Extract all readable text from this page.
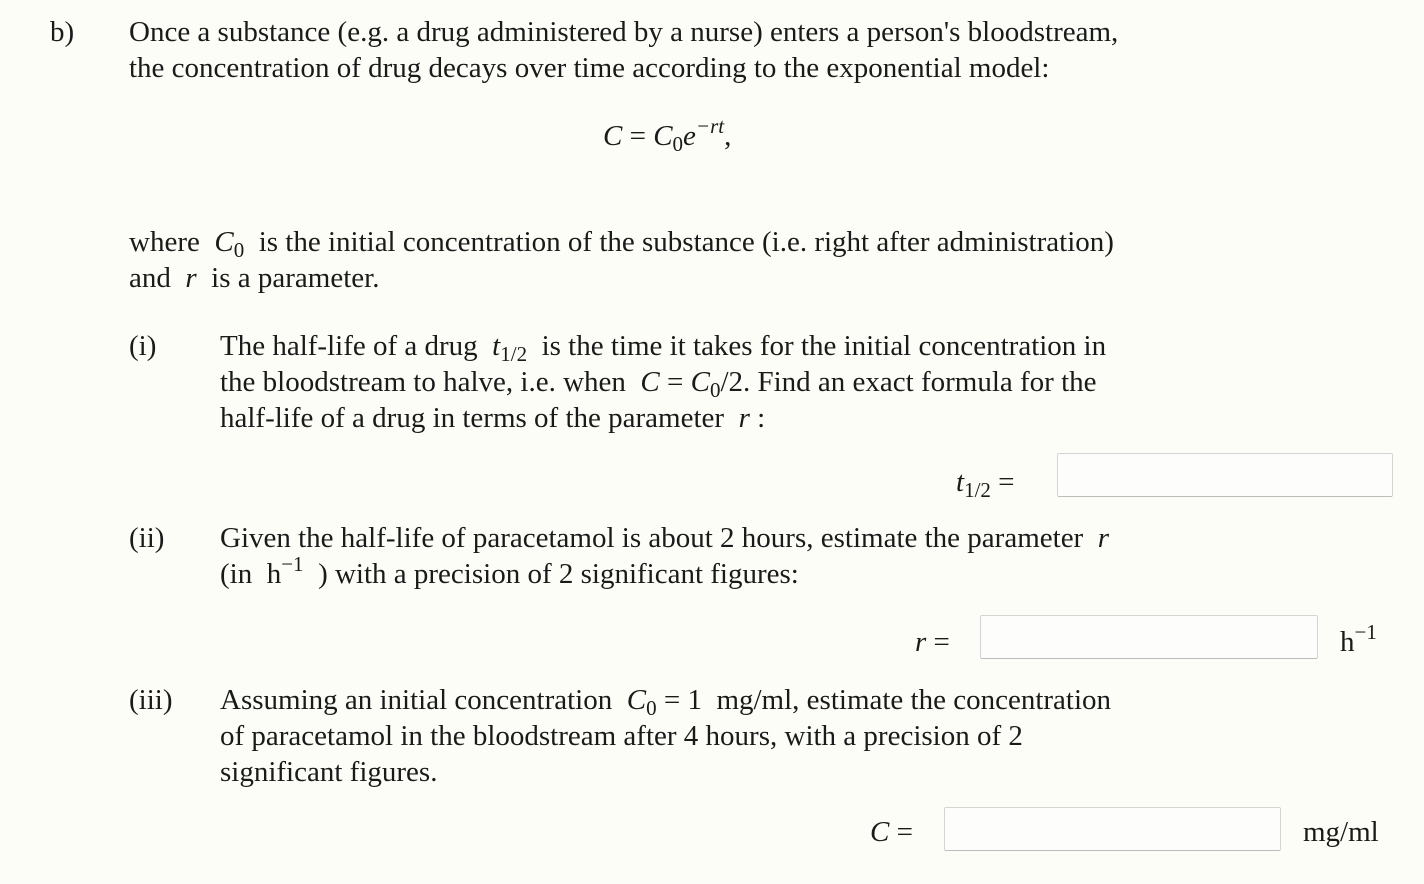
b) Once a substance (e.g. a drug administered by a nurse) enters a person's bloodstream,
the concentration of drug decays over time according to the exponential model:
$C = C_0e^{-rt}$,
where $C_0$ is the initial concentration of the substance (i.e. right after administration)
and r is a parameter.
(i) The half-life of a drug $t_{1/2}$ is the time it takes for the initial concentration in
the bloodstream to halve, i.e. when $C = C_0/2$. Find an exact formula for the
half-life of a drug in terms of the parameter r :
$t_{1/2}$ =
(ii) Given the half-life of paracetamol is about 2 hours, estimate the parameter r
(in $h^{-1}$ ) with a precision of 2 significant figures:
r =	$h^{-1}$
(iii) Assuming an initial concentration $C_0 = 1$ mg/ml, estimate the concentration
of paracetamol in the bloodstream after 4 hours, with a precision of 2
significant figures.
C =	mg/ml
